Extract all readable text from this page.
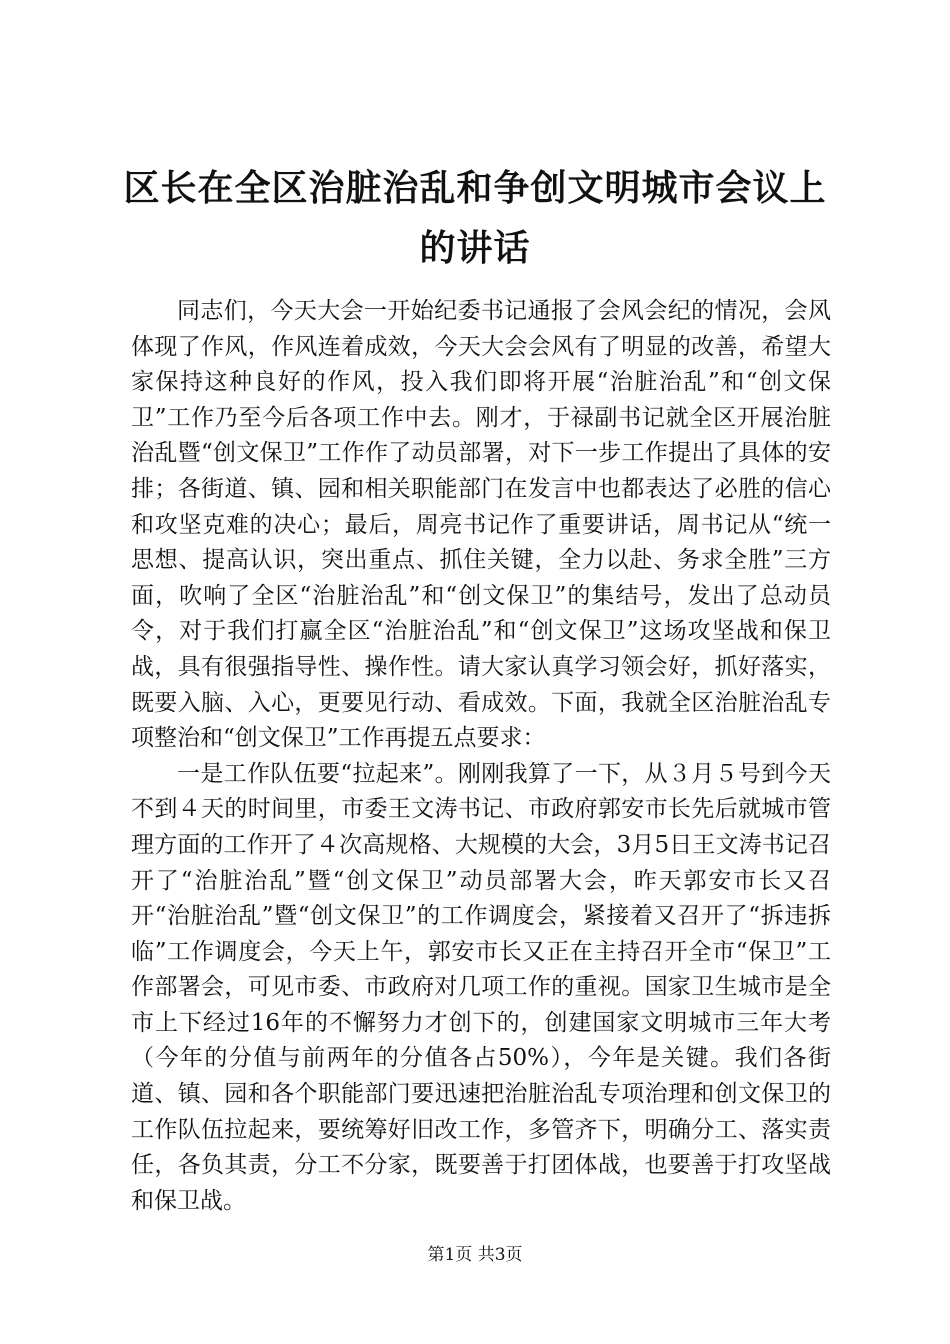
区长在全区治脏治乱和争创文明城市会议上的讲话

同志们，今天大会一开始纪委书记通报了会风会纪的情况，会风体现了作风，作风连着成效，今天大会会风有了明显的改善，希望大家保持这种良好的作风，投入我们即将开展“治脏治乱”和“创文保卫”工作乃至今后各项工作中去。刚才，于禄副书记就全区开展治脏治乱暨“创文保卫”工作作了动员部署，对下一步工作提出了具体的安排；各街道、镇、园和相关职能部门在发言中也都表达了必胜的信心和攻坚克难的决心；最后，周亮书记作了重要讲话，周书记从“统一思想、提高认识，突出重点、抓住关键，全力以赴、务求全胜”三方面，吹响了全区“治脏治乱”和“创文保卫”的集结号，发出了总动员令，对于我们打赢全区“治脏治乱”和“创文保卫”这场攻坚战和保卫战，具有很强指导性、操作性。请大家认真学习领会好，抓好落实，既要入脑、入心，更要见行动、看成效。下面，我就全区治脏治乱专项整治和“创文保卫”工作再提五点要求：

一是工作队伍要“拉起来”。刚刚我算了一下，从３月５号到今天不到４天的时间里，市委王文涛书记、市政府郭安市长先后就城市管理方面的工作开了４次高规格、大规模的大会，3月5日王文涛书记召开了“治脏治乱”暨“创文保卫”动员部署大会，昨天郭安市长又召开“治脏治乱”暨“创文保卫”的工作调度会，紧接着又召开了“拆违拆临”工作调度会，今天上午，郭安市长又正在主持召开全市“保卫”工作部署会，可见市委、市政府对几项工作的重视。国家卫生城市是全市上下经过16年的不懈努力才创下的，创建国家文明城市三年大考（今年的分值与前两年的分值各占50%），今年是关键。我们各街道、镇、园和各个职能部门要迅速把治脏治乱专项治理和创文保卫的工作队伍拉起来，要统筹好旧改工作，多管齐下，明确分工、落实责任，各负其责，分工不分家，既要善于打团体战，也要善于打攻坚战和保卫战。

第1页 共3页
